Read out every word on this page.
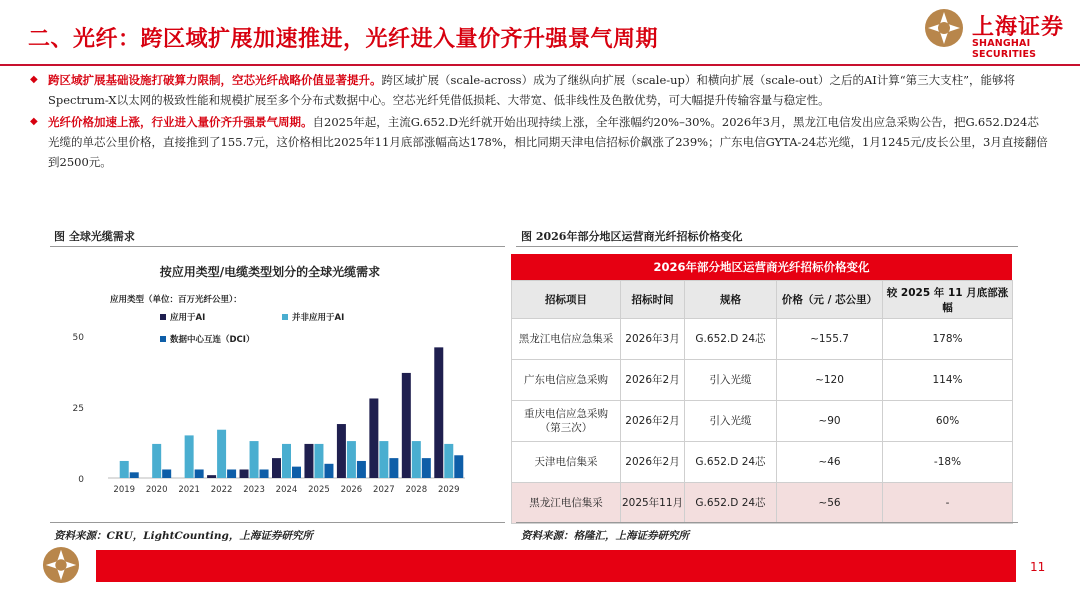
二、光纤：跨区域扩展加速推进，光纤进入量价齐升强景气周期	上海证券
SHANGHAI SECURITIES
◆ 跨区域扩展基础设施打破算力限制，空芯光纤战略价值显著提升。跨区域扩展（scale-across）成为了继纵向扩展（scale-up）和横向扩展（scale-out）之后的AI计算“第三大支柱”，能够将Spectrum-X以太网的极致性能和规模扩展至多个分布式数据中心。空芯光纤凭借低损耗、大带宽、低非线性及色散优势，可大幅提升传输容量与稳定性。
◆ 光纤价格加速上涨，行业进入量价齐升强景气周期。自2025年起，主流G.652.D光纤就开始出现持续上涨，全年涨幅约20%–30%。2026年3月，黑龙江电信发出应急采购公告，把G.652.D24芯光缆的单芯公里价格，直接推到了155.7元，这价格相比2025年11月底部涨幅高达178%，相比同期天津电信招标价飙涨了239%；广东电信GYTA-24芯光缆，1月1245元/皮长公里，3月直接翻倍到2500元。
图 全球光缆需求	图 2026年部分地区运营商光纤招标价格变化
按应用类型/电缆类型划分的全球光缆需求
应用类型（单位：百万光纤公里）：
0
25
50
2019 2020 2021 2022 2023 2024 2025 2026 2027 2028 2029
应用于AI	并非应用于AI
数据中心互连（DCI）
2026年部分地区运营商光纤招标价格变化
招标项目	招标时间	规格	价格（元 / 芯公里）	较 2025 年 11 月底部涨幅
黑龙江电信应急集采	2026年3月	G.652.D 24芯	~155.7	178%
广东电信应急采购	2026年2月	引入光缆	~120	114%
重庆电信应急采购 （第三次）	2026年2月	引入光缆	~90	60%
天津电信集采	2026年2月	G.652.D 24芯	~46	-18%
黑龙江电信集采	2025年11月	G.652.D 24芯	~56	-
资料来源：CRU，LightCounting，上海证券研究所	资料来源：格隆汇，上海证券研究所
11
